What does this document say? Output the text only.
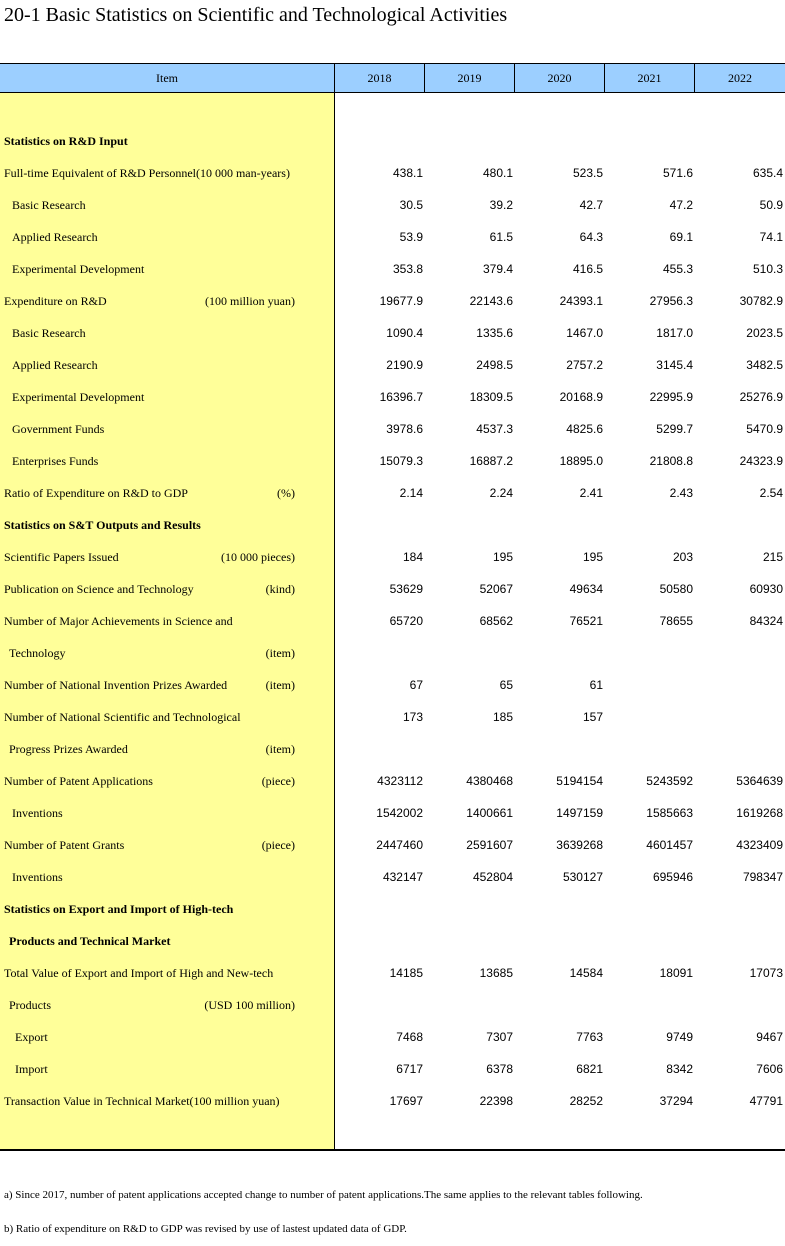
20-1 Basic Statistics on Scientific and Technological Activities
Item	2018	2019	2020	2021	2022
Statistics on R&D Input
Full-time Equivalent of R&D Personnel(10 000 man-years)	438.1	480.1	523.5	571.6	635.4
Basic Research	30.5	39.2	42.7	47.2	50.9
Applied Research	53.9	61.5	64.3	69.1	74.1
Experimental Development	353.8	379.4	416.5	455.3	510.3
Expenditure on R&D	(100 million yuan)	19677.9	22143.6	24393.1	27956.3	30782.9
Basic Research	1090.4	1335.6	1467.0	1817.0	2023.5
Applied Research	2190.9	2498.5	2757.2	3145.4	3482.5
Experimental Development	16396.7	18309.5	20168.9	22995.9	25276.9
Government Funds	3978.6	4537.3	4825.6	5299.7	5470.9
Enterprises Funds	15079.3	16887.2	18895.0	21808.8	24323.9
Ratio of Expenditure on R&D to GDP	(%)	2.14	2.24	2.41	2.43	2.54
Statistics on S&T Outputs and Results
Scientific Papers Issued	(10 000 pieces)	184	195	195	203	215
Publication on Science and Technology	(kind)	53629	52067	49634	50580	60930
Number of Major Achievements in Science and	65720	68562	76521	78655	84324
Technology	(item)
Number of National Invention Prizes Awarded	(item)	67	65	61
Number of National Scientific and Technological	173	185	157
Progress Prizes Awarded	(item)
Number of Patent Applications	(piece)	4323112	4380468	5194154	5243592	5364639
Inventions	1542002	1400661	1497159	1585663	1619268
Number of Patent Grants	(piece)	2447460	2591607	3639268	4601457	4323409
Inventions	432147	452804	530127	695946	798347
Statistics on Export and Import of High-tech
Products and Technical Market
Total Value of Export and Import of High and New-tech	14185	13685	14584	18091	17073
Products	(USD 100 million)
Export	7468	7307	7763	9749	9467
Import	6717	6378	6821	8342	7606
Transaction Value in Technical Market(100 million yuan)	17697	22398	28252	37294	47791
a) Since 2017, number of patent applications accepted change to number of patent applications.The same applies to the relevant tables following.
b) Ratio of expenditure on R&D to GDP was revised by use of lastest updated data of GDP.
